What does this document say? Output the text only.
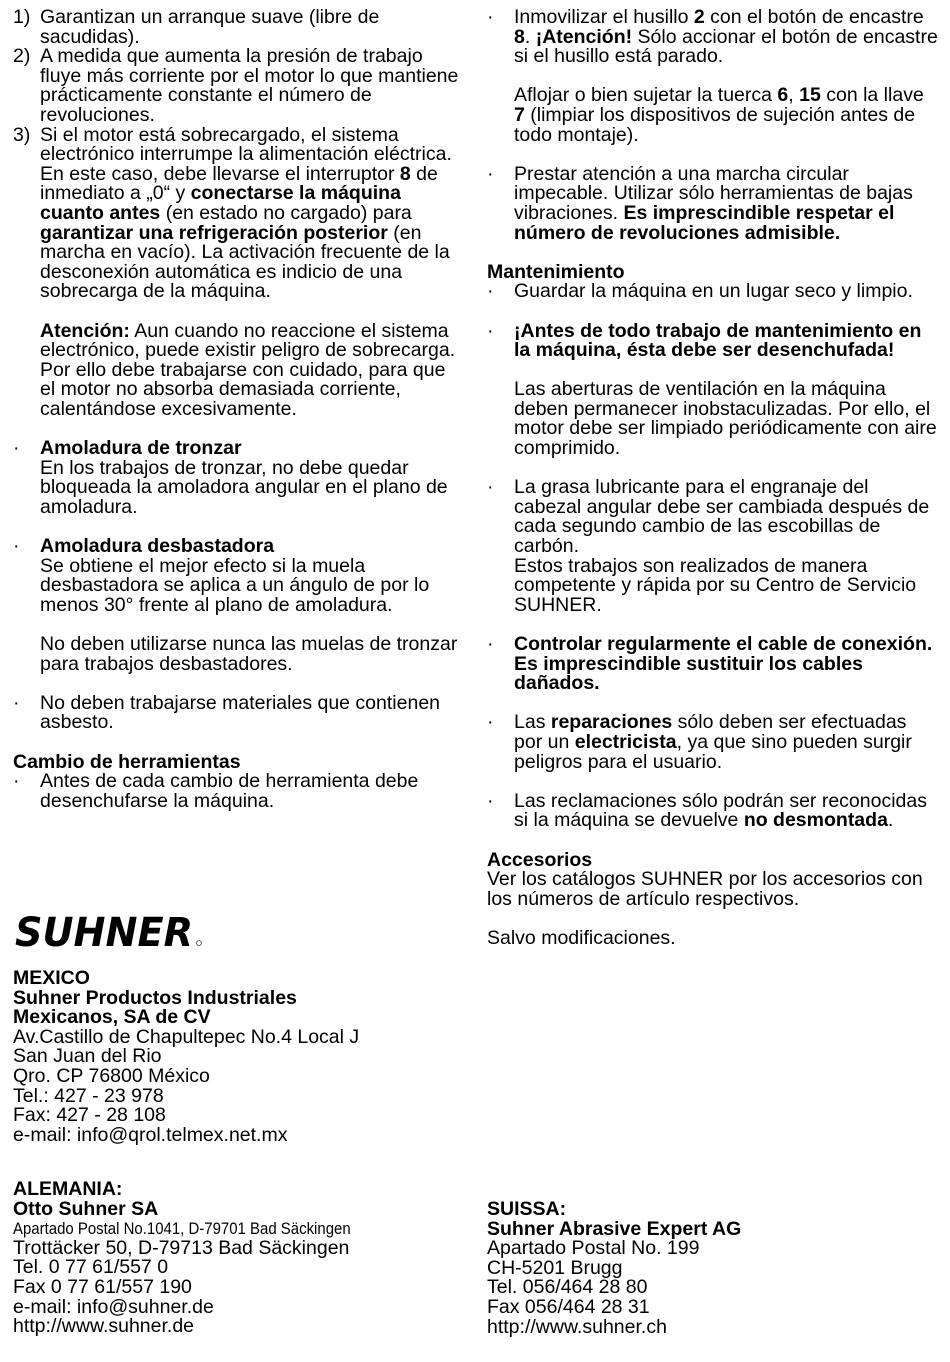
1) Garantizan un arranque suave (libre de sacudidas).

2) A medida que aumenta la presión de trabajo fluye más corriente por el motor lo que mantiene prácticamente constante el número de revoluciones.

3) Si el motor está sobrecargado, el sistema electrónico interrumpe la alimentación eléctrica. En este caso, debe llevarse el interruptor 8 de inmediato a „0“ y conectarse la máquina cuanto antes (en estado no cargado) para garantizar una refrigeración posterior (en marcha en vacío). La activación frecuente de la desconexión automática es indicio de una sobrecarga de la máquina.

Atención: Aun cuando no reaccione el sistema electrónico, puede existir peligro de sobrecarga. Por ello debe trabajarse con cuidado, para que el motor no absorba demasiada corriente, calentándose excesivamente.

· Amoladura de tronzar

En los trabajos de tronzar, no debe quedar bloqueada la amoladora angular en el plano de amoladura.

· Amoladura desbastadora

Se obtiene el mejor efecto si la muela desbastadora se aplica a un ángulo de por lo menos 30° frente al plano de amoladura.

No deben utilizarse nunca las muelas de tronzar para trabajos desbastadores.

· No deben trabajarse materiales que contienen asbesto.

Cambio de herramientas

· Antes de cada cambio de herramienta debe desenchufarse la máquina.

SUHNER
· Inmovilizar el husillo 2 con el botón de encastre 8. ¡Atención! Sólo accionar el botón de encastre si el husillo está parado.

Aflojar o bien sujetar la tuerca 6, 15 con la llave 7 (limpiar los dispositivos de sujeción antes de todo montaje).

· Prestar atención a una marcha circular impecable. Utilizar sólo herramientas de bajas vibraciones. Es imprescindible respetar el número de revoluciones admisible.

Mantenimiento

· Guardar la máquina en un lugar seco y limpio.

· ¡Antes de todo trabajo de mantenimiento en la máquina, ésta debe ser desenchufada!

Las aberturas de ventilación en la máquina deben permanecer inobstaculizadas. Por ello, el motor debe ser limpiado periódicamente con aire comprimido.

· La grasa lubricante para el engranaje del cabezal angular debe ser cambiada después de cada segundo cambio de las escobillas de carbón.

Estos trabajos son realizados de manera competente y rápida por su Centro de Servicio SUHNER.

· Controlar regularmente el cable de conexión. Es imprescindible sustituir los cables dañados.

· Las reparaciones sólo deben ser efectuadas por un electricista, ya que sino pueden surgir peligros para el usuario.

· Las reclamaciones sólo podrán ser reconocidas si la máquina se devuelve no desmontada.

Accesorios

Ver los catálogos SUHNER por los accesorios con los números de artículo respectivos.

Salvo modificaciones.

MEXICO

Suhner Productos Industriales

Mexicanos, SA de CV

Av.Castillo de Chapultepec No.4 Local J

San Juan del Rio

Qro. CP 76800 México

Tel.: 427 - 23 978

Fax: 427 - 28 108

e-mail: info@qrol.telmex.net.mx

ALEMANIA:

Otto Suhner SA

Apartado Postal No.1041, D-79701 Bad Säckingen

Trottäcker 50, D-79713 Bad Säckingen

Tel. 0 77 61/557 0

Fax 0 77 61/557 190

e-mail: info@suhner.de

http://www.suhner.de

SUISSA:

Suhner Abrasive Expert AG

Apartado Postal No. 199

CH-5201 Brugg

Tel. 056/464 28 80

Fax 056/464 28 31

http://www.suhner.ch
